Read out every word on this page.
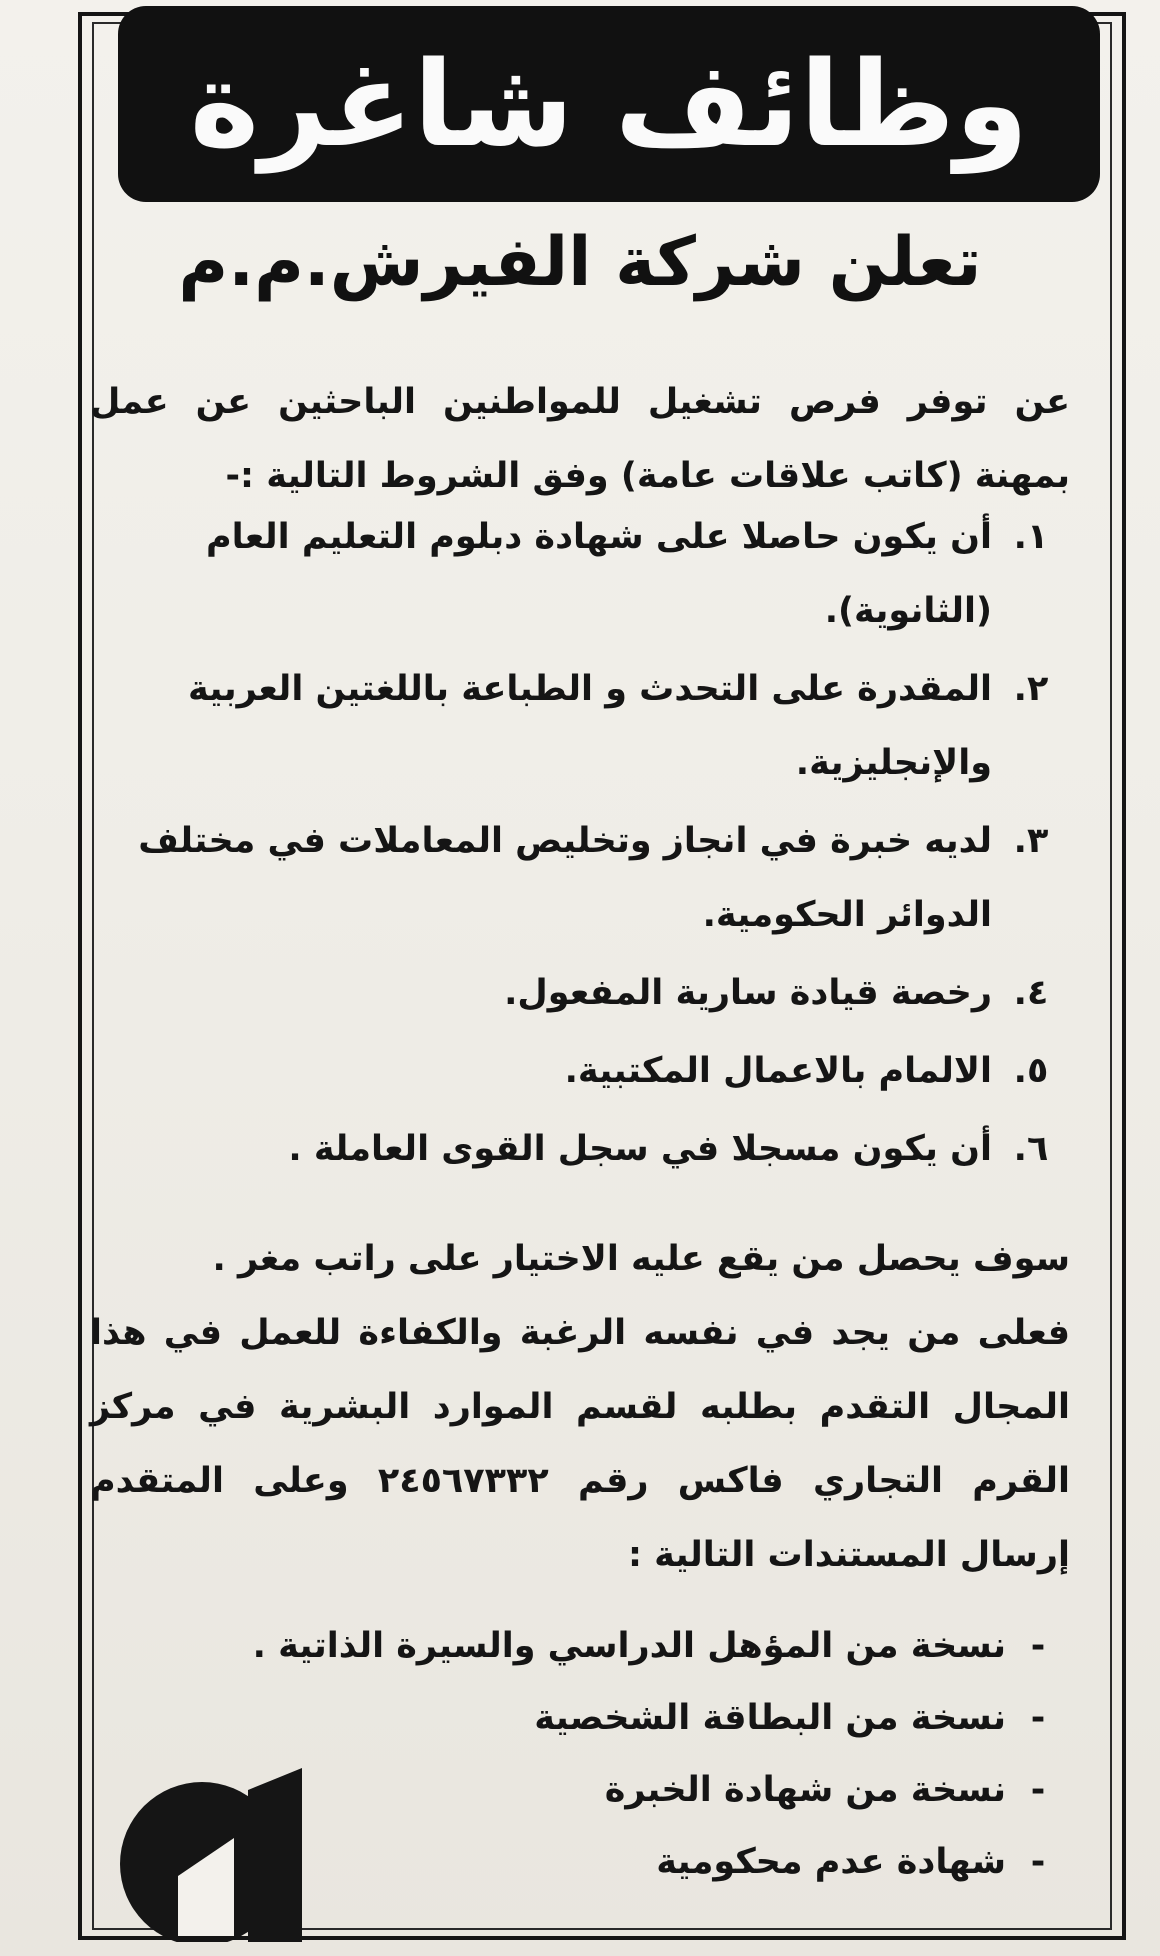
وظائف شاغرة
تعلن شركة الفيرش.م.م

عن توفر فرص تشغيل للمواطنين الباحثين عن عمل بمهنة (كاتب علاقات عامة) وفق الشروط التالية :-

١.
أن يكون حاصلا على شهادة دبلوم التعليم العام (الثانوية).
٢.
المقدرة على التحدث و الطباعة باللغتين العربية والإنجليزية.
٣.
لديه خبرة في انجاز وتخليص المعاملات في مختلف الدوائر الحكومية.
٤.
رخصة قيادة سارية المفعول.
٥.
الالمام بالاعمال المكتبية.
٦.
أن يكون مسجلا في سجل القوى العاملة .
سوف يحصل من يقع عليه الاختيار على راتب مغر .
فعلى من يجد في نفسه الرغبة والكفاءة للعمل في هذا المجال التقدم بطلبه لقسم الموارد البشرية في مركز القرم التجاري فاكس رقم ٢٤٥٦٧٣٣٢ وعلى المتقدم إرسال المستندات التالية :
-
نسخة من المؤهل الدراسي والسيرة الذاتية .
-
نسخة من البطاقة الشخصية
-
نسخة من شهادة الخبرة
-
شهادة عدم محكومية
